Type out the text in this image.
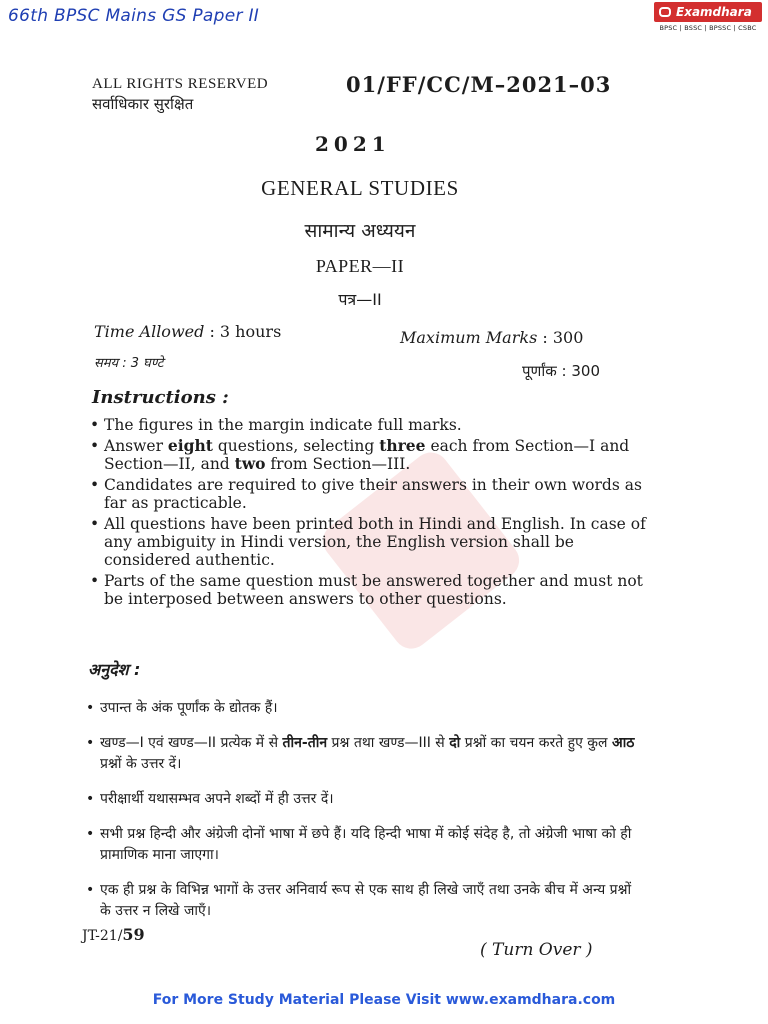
66th BPSC Mains GS Paper II	Examdhara
BPSC | BSSC | BPSSC | CSBC
ALL RIGHTS RESERVED
सर्वाधिकार सुरक्षित
01/FF/CC/M–2021–03
2021
GENERAL STUDIES
सामान्य अध्ययन
PAPER—II
पत्र—II
Time Allowed : 3 hours	Maximum Marks : 300
समय : 3 घण्टे	पूर्णांक : 300
Instructions :
• The figures in the margin indicate full marks.
• Answer eight questions, selecting three each from Section—I and Section—II, and two from Section—III.
• Candidates are required to give their answers in their own words as far as practicable.
• All questions have been printed both in Hindi and English. In case of any ambiguity in Hindi version, the English version shall be considered authentic.
• Parts of the same question must be answered together and must not be interposed between answers to other questions.
अनुदेश :
• उपान्त के अंक पूर्णांक के द्योतक हैं।
• खण्ड—I एवं खण्ड—II प्रत्येक में से तीन-तीन प्रश्न तथा खण्ड—III से दो प्रश्नों का चयन करते हुए कुल आठ प्रश्नों के उत्तर दें।
• परीक्षार्थी यथासम्भव अपने शब्दों में ही उत्तर दें।
• सभी प्रश्न हिन्दी और अंग्रेजी दोनों भाषा में छपे हैं। यदि हिन्दी भाषा में कोई संदेह है, तो अंग्रेजी भाषा को ही प्रामाणिक माना जाएगा।
• एक ही प्रश्न के विभिन्न भागों के उत्तर अनिवार्य रूप से एक साथ ही लिखे जाएँ तथा उनके बीच में अन्य प्रश्नों के उत्तर न लिखे जाएँ।
JT-21/59
( Turn Over )
For More Study Material Please Visit www.examdhara.com
